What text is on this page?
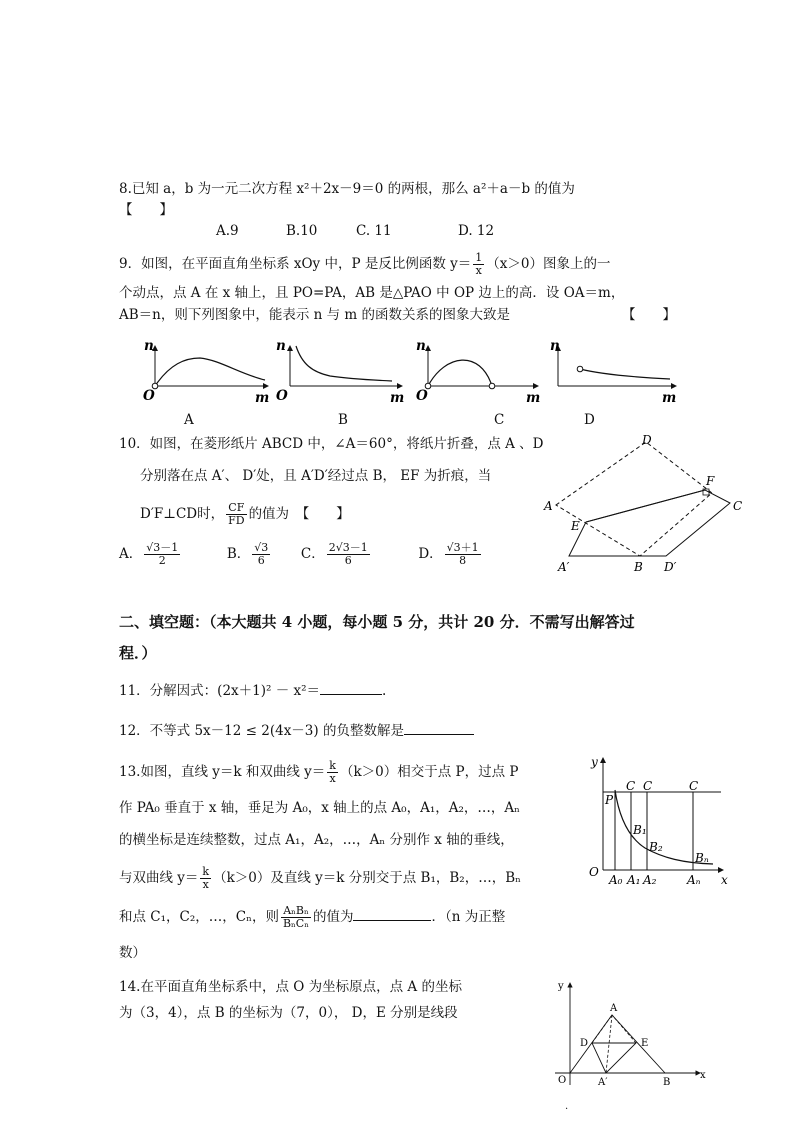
8.已知 a，b 为一元二次方程 x²＋2x－9＝0 的两根，那么 a²＋a－b 的值为
【　　】
A.9	B.10	C. 11	D. 12
9．如图，在平面直角坐标系 xOy 中，P 是反比例函数 $y= \frac{1}{x} (x>0)$图象上的一
个动点，点 A 在 x 轴上，且 PO=PA，AB 是△PAO 中 OP 边上的高．设 OA＝m，
AB＝n，则下列图象中，能表示 n 与 m 的函数关系的图象大致是	【　　】
n
O	m
n
O	m
n
O	m
n
m
A	B	C	D
10．如图，在菱形纸片 ABCD 中，∠A＝60°，将纸片折叠，点 A 、D
分别落在点 A′、 D′处，且 A′D′经过点 B， EF 为折痕，当
D′F⊥CD时， $\frac{CF}{FD}$ 的值为　【　　】
A． $\frac{√3-1}{2}$	B． $\frac{√3}{6}$ C． $\frac{2√3-1}{6}$	D． $\frac{√3+1}{8}$
D
F
C
A
E
A′	B D′
二、填空题：（本大题共 4 小题，每小题 5 分，共计 20 分．不需写出解答过
程．）
11．分解因式：(2x＋1)² － x²＝	.
12．不等式 5x－12 ≤ 2(4x－3) 的负整数解是
13.如图，直线 y＝k 和双曲线 $y= \frac{k}{x} (k>0)$相交于点 P，过点 P
作 PA₀ 垂直于 x 轴，垂足为 A₀，x 轴上的点 A₀，A₁，A₂，…，Aₙ
的横坐标是连续整数，过点 A₁，A₂，…，Aₙ 分别作 x 轴的垂线，
与双曲线 $y= \frac{k}{x} (k>0)$及直线 y＝k 分别交于点 B₁，B₂，…，Bₙ
和点 C₁，C₂，…，Cₙ，则 $\frac{\text{AₙBₙ}}{\text{BₙCₙ}}$ 的值为	．（n 为正整
数）
y
x
O
P
C C	C
B₁
B₂
Bₙ
A₀ A₁ A₂	Aₙ
14.在平面直角坐标系中，点 O 为坐标原点，点 A 的坐标
为（3，4），点 B 的坐标为（7，0）， D，E 分别是线段
y
x
O
A
D	E
A′	B
.
